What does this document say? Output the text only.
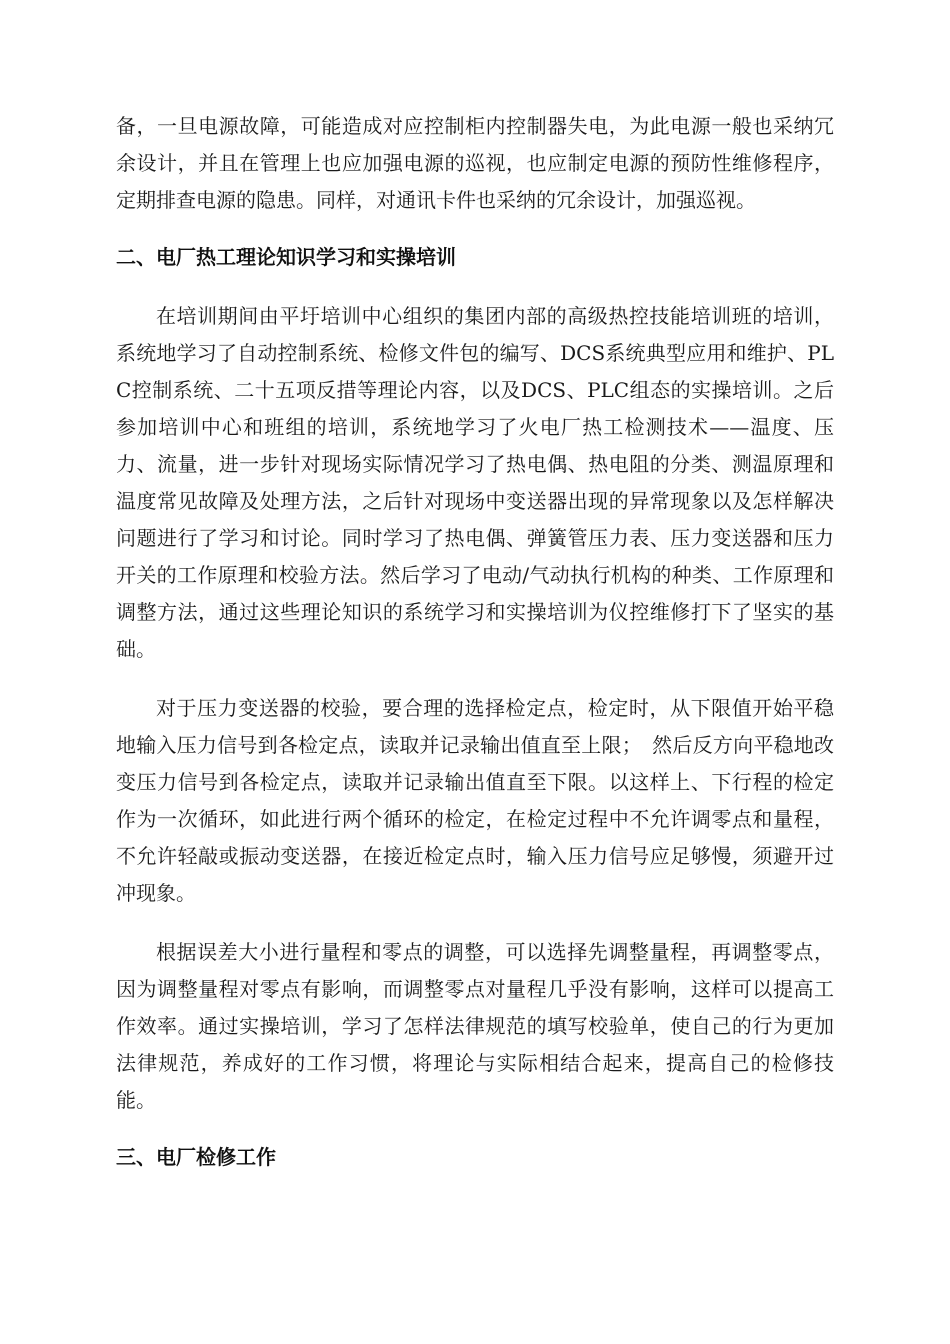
备，一旦电源故障，可能造成对应控制柜内控制器失电，为此电源一般也采纳冗余设计，并且在管理上也应加强电源的巡视，也应制定电源的预防性维修程序，定期排查电源的隐患。同样，对通讯卡件也采纳的冗余设计，加强巡视。

二、电厂热工理论知识学习和实操培训

在培训期间由平圩培训中心组织的集团内部的高级热控技能培训班的培训，系统地学习了自动控制系统、检修文件包的编写、DCS系统典型应用和维护、PLC控制系统、二十五项反措等理论内容，以及DCS、PLC组态的实操培训。之后参加培训中心和班组的培训，系统地学习了火电厂热工检测技术——温度、压力、流量，进一步针对现场实际情况学习了热电偶、热电阻的分类、测温原理和温度常见故障及处理方法，之后针对现场中变送器出现的异常现象以及怎样解决问题进行了学习和讨论。同时学习了热电偶、弹簧管压力表、压力变送器和压力开关的工作原理和校验方法。然后学习了电动/气动执行机构的种类、工作原理和调整方法，通过这些理论知识的系统学习和实操培训为仪控维修打下了坚实的基础。

对于压力变送器的校验，要合理的选择检定点，检定时，从下限值开始平稳地输入压力信号到各检定点，读取并记录输出值直至上限；　然后反方向平稳地改变压力信号到各检定点，读取并记录输出值直至下限。以这样上、下行程的检定作为一次循环，如此进行两个循环的检定，在检定过程中不允许调零点和量程，不允许轻敲或振动变送器，在接近检定点时，输入压力信号应足够慢，须避开过冲现象。

根据误差大小进行量程和零点的调整，可以选择先调整量程，再调整零点，因为调整量程对零点有影响，而调整零点对量程几乎没有影响，这样可以提高工作效率。通过实操培训，学习了怎样法律规范的填写校验单，使自己的行为更加法律规范，养成好的工作习惯，将理论与实际相结合起来，提高自己的检修技能。

三、电厂检修工作
